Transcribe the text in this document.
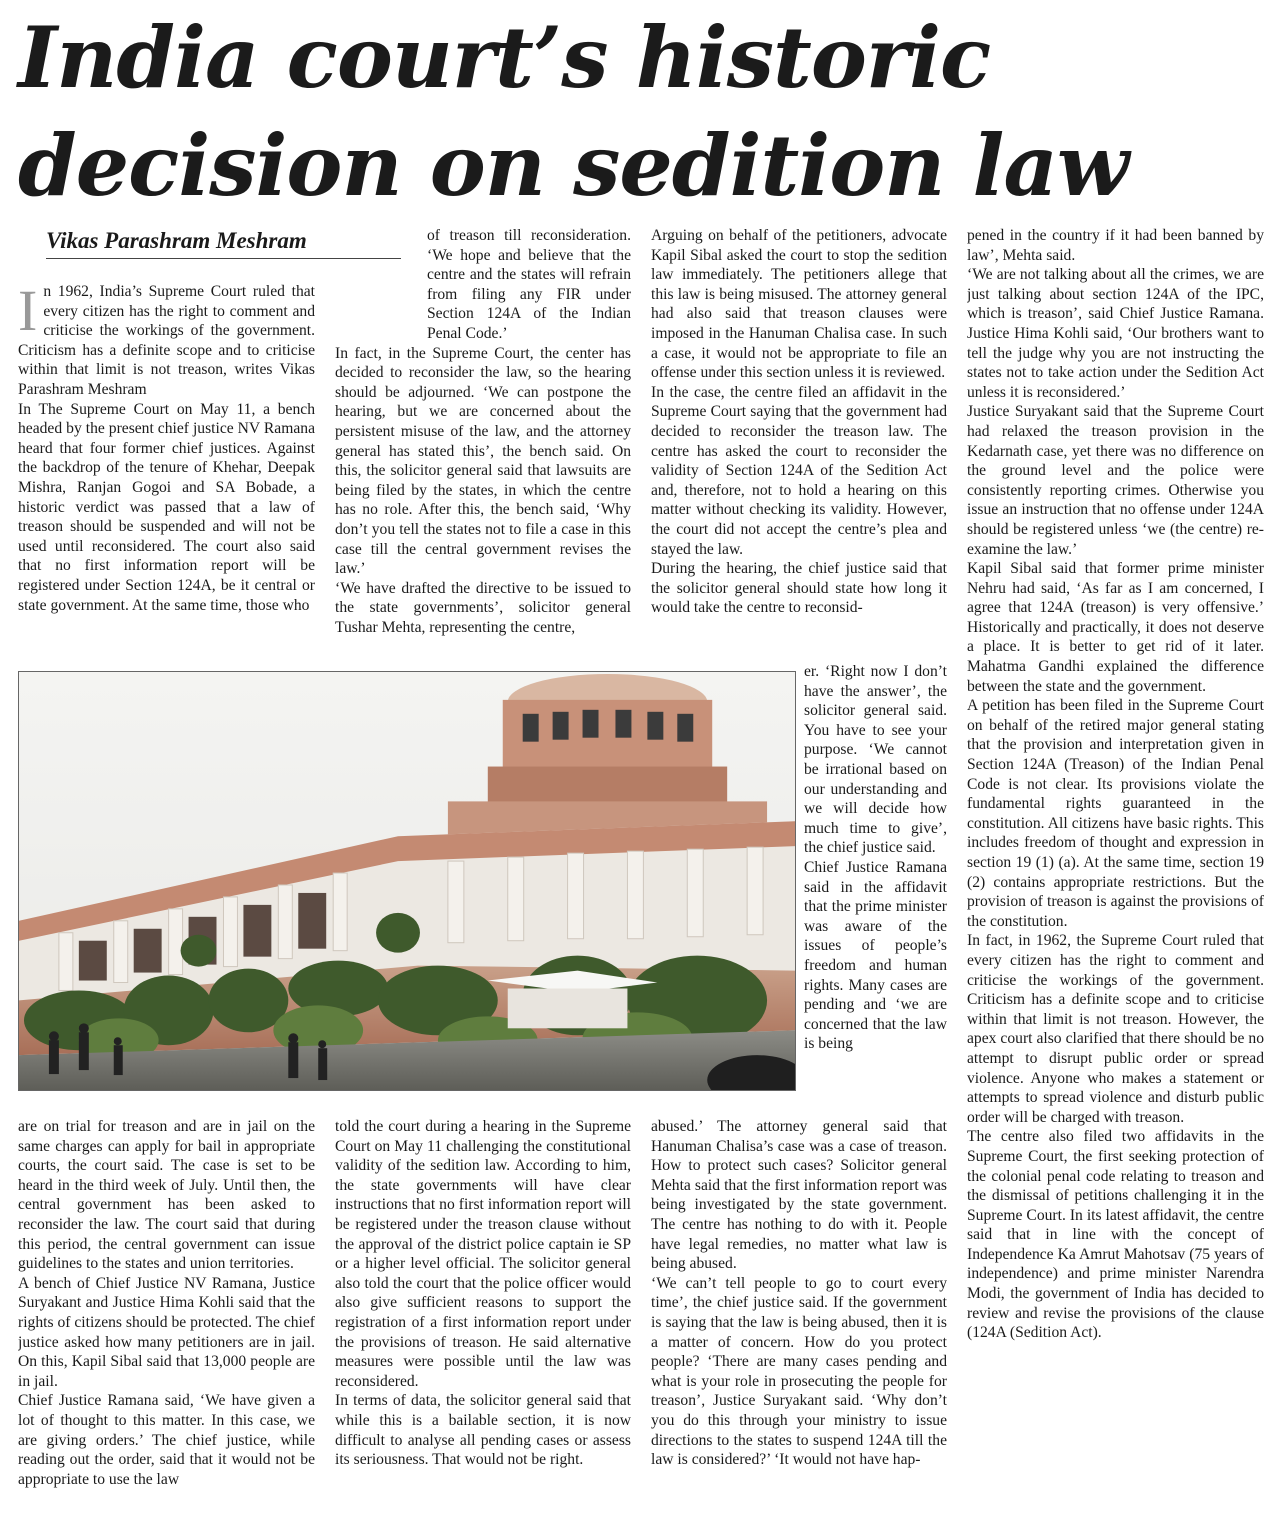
India court’s historic decision on sedition law
Vikas Parashram Meshram

In 1962, India’s Supreme Court ruled that every citizen has the right to comment and criticise the workings of the government. Criticism has a definite scope and to criticise within that limit is not treason, writes Vikas Parashram Meshram

In The Supreme Court on May 11, a bench headed by the present chief justice NV Ramana heard that four former chief justices. Against the backdrop of the tenure of Khehar, Deepak Mishra, Ranjan Gogoi and SA Bobade, a historic verdict was passed that a law of treason should be suspended and will not be used until reconsidered. The court also said that no first information report will be registered under Section 124A, be it central or state government. At the same time, those who

of treason till reconsideration. ‘We hope and believe that the centre and the states will refrain from filing any FIR under Section 124A of the Indian Penal Code.’

In fact, in the Supreme Court, the center has decided to reconsider the law, so the hearing should be adjourned. ‘We can postpone the hearing, but we are concerned about the persistent misuse of the law, and the attorney general has stated this’, the bench said. On this, the solicitor general said that lawsuits are being filed by the states, in which the centre has no role. After this, the bench said, ‘Why don’t you tell the states not to file a case in this case till the central government revises the law.’

‘We have drafted the directive to be issued to the state governments’, solicitor general Tushar Mehta, representing the centre,

Arguing on behalf of the petitioners, advocate Kapil Sibal asked the court to stop the sedition law immediately. The petitioners allege that this law is being misused. The attorney general had also said that treason clauses were imposed in the Hanuman Chalisa case. In such a case, it would not be appropriate to file an offense under this section unless it is reviewed.

In the case, the centre filed an affidavit in the Supreme Court saying that the government had decided to reconsider the treason law. The centre has asked the court to reconsider the validity of Section 124A of the Sedition Act and, therefore, not to hold a hearing on this matter without checking its validity. However, the court did not accept the centre’s plea and stayed the law.

During the hearing, the chief justice said that the solicitor general should state how long it would take the centre to reconsid-

er. ‘Right now I don’t have the answer’, the solicitor general said. You have to see your purpose. ‘We cannot be irrational based on our understanding and we will decide how much time to give’, the chief justice said.

Chief Justice Ramana said in the affidavit that the prime minister was aware of the issues of people’s freedom and human rights. Many cases are pending and ‘we are concerned that the law is being

pened in the country if it had been banned by law’, Mehta said.

‘We are not talking about all the crimes, we are just talking about section 124A of the IPC, which is treason’, said Chief Justice Ramana. Justice Hima Kohli said, ‘Our brothers want to tell the judge why you are not instructing the states not to take action under the Sedition Act unless it is reconsidered.’

Justice Suryakant said that the Supreme Court had relaxed the treason provision in the Kedarnath case, yet there was no difference on the ground level and the police were consistently reporting crimes. Otherwise you issue an instruction that no offense under 124A should be registered unless ‘we (the centre) re-examine the law.’

Kapil Sibal said that former prime minister Nehru had said, ‘As far as I am concerned, I agree that 124A (treason) is very offensive.’ Historically and practically, it does not deserve a place. It is better to get rid of it later. Mahatma Gandhi explained the difference between the state and the government.

A petition has been filed in the Supreme Court on behalf of the retired major general stating that the provision and interpretation given in Section 124A (Treason) of the Indian Penal Code is not clear. Its provisions violate the fundamental rights guaranteed in the constitution. All citizens have basic rights. This includes freedom of thought and expression in section 19 (1) (a). At the same time, section 19 (2) contains appropriate restrictions. But the provision of treason is against the provisions of the constitution.

In fact, in 1962, the Supreme Court ruled that every citizen has the right to comment and criticise the workings of the government. Criticism has a definite scope and to criticise within that limit is not treason. However, the apex court also clarified that there should be no attempt to disrupt public order or spread violence. Anyone who makes a statement or attempts to spread violence and disturb public order will be charged with treason.

The centre also filed two affidavits in the Supreme Court, the first seeking protection of the colonial penal code relating to treason and the dismissal of petitions challenging it in the Supreme Court. In its latest affidavit, the centre said that in line with the concept of Independence Ka Amrut Mahotsav (75 years of independence) and prime minister Narendra Modi, the government of India has decided to review and revise the provisions of the clause (124A (Sedition Act).

are on trial for treason and are in jail on the same charges can apply for bail in appropriate courts, the court said. The case is set to be heard in the third week of July. Until then, the central government has been asked to reconsider the law. The court said that during this period, the central government can issue guidelines to the states and union territories.

A bench of Chief Justice NV Ramana, Justice Suryakant and Justice Hima Kohli said that the rights of citizens should be protected. The chief justice asked how many petitioners are in jail. On this, Kapil Sibal said that 13,000 people are in jail.

Chief Justice Ramana said, ‘We have given a lot of thought to this matter. In this case, we are giving orders.’ The chief justice, while reading out the order, said that it would not be appropriate to use the law

told the court during a hearing in the Supreme Court on May 11 challenging the constitutional validity of the sedition law. According to him, the state governments will have clear instructions that no first information report will be registered under the treason clause without the approval of the district police captain ie SP or a higher level official. The solicitor general also told the court that the police officer would also give sufficient reasons to support the registration of a first information report under the provisions of treason. He said alternative measures were possible until the law was reconsidered.

In terms of data, the solicitor general said that while this is a bailable section, it is now difficult to analyse all pending cases or assess its seriousness. That would not be right.

abused.’ The attorney general said that Hanuman Chalisa’s case was a case of treason. How to protect such cases? Solicitor general Mehta said that the first information report was being investigated by the state government. The centre has nothing to do with it. People have legal remedies, no matter what law is being abused.

‘We can’t tell people to go to court every time’, the chief justice said. If the government is saying that the law is being abused, then it is a matter of concern. How do you protect people? ‘There are many cases pending and what is your role in prosecuting the people for treason’, Justice Suryakant said. ‘Why don’t you do this through your ministry to issue directions to the states to suspend 124A till the law is considered?’ ‘It would not have hap-
